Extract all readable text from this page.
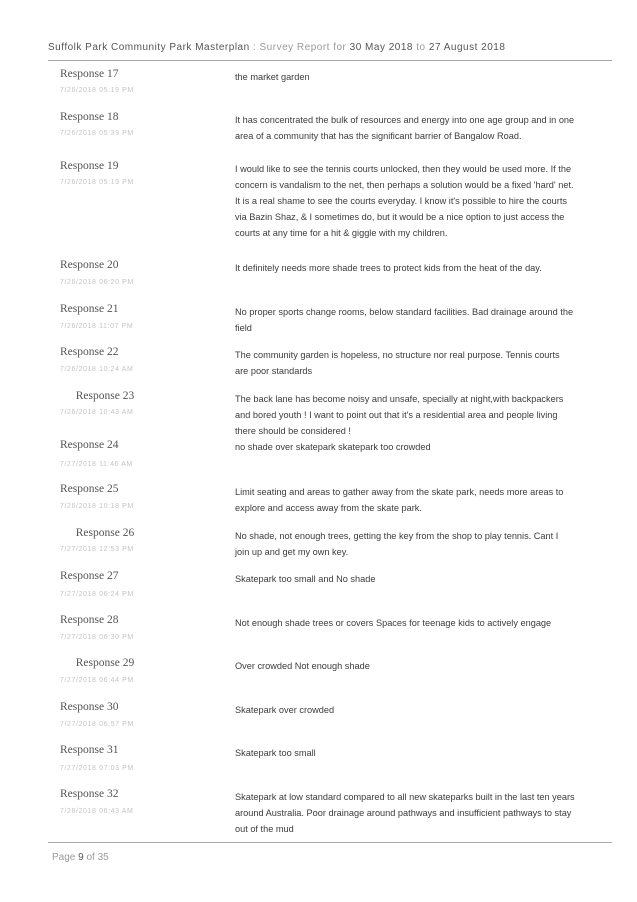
Suffolk Park Community Park Masterplan : Survey Report for 30 May 2018 to 27 August 2018
Response 17
7/26/2018 05:19 PM
the market garden
Response 18
7/26/2018 05:39 PM
It has concentrated the bulk of resources and energy into one age group and in one area of a community that has the significant barrier of Bangalow Road.
Response 19
7/26/2018 05:19 PM
I would like to see the tennis courts unlocked, then they would be used more. If the concern is vandalism to the net, then perhaps a solution would be a fixed 'hard' net. It is a real shame to see the courts everyday. I know it's possible to hire the courts via Bazin Shaz, & I sometimes do, but it would be a nice option to just access the courts at any time for a hit & giggle with my children.
Response 20
7/26/2018 06:20 PM
It definitely needs more shade trees to protect kids from the heat of the day.
Response 21
7/26/2018 11:07 PM
No proper sports change rooms, below standard facilities. Bad drainage around the field
Response 22
7/26/2018 10:24 AM
The community garden is hopeless, no structure nor real purpose. Tennis courts are poor standards
Response 23
7/26/2018 10:43 AM
The back lane has become noisy and unsafe, specially at night,with backpackers and bored youth ! I want to point out that it's a residential area and people living there should be considered !
Response 24
7/27/2018 11:46 AM
no shade over skatepark skatepark too crowded
Response 25
7/26/2018 10:18 PM
Limit seating and areas to gather away from the skate park, needs more areas to explore and access away from the skate park.
Response 26
7/27/2018 12:53 PM
No shade, not enough trees, getting the key from the shop to play tennis. Cant I join up and get my own key.
Response 27
7/27/2018 06:24 PM
Skatepark too small and No shade
Response 28
7/27/2018 06:30 PM
Not enough shade trees or covers Spaces for teenage kids to actively engage
Response 29
7/27/2018 06:44 PM
Over crowded Not enough shade
Response 30
7/27/2018 06:57 PM
Skatepark over crowded
Response 31
7/27/2018 07:03 PM
Skatepark too small
Response 32
7/28/2018 06:43 AM
Skatepark at low standard compared to all new skateparks built in the last ten years around Australia. Poor drainage around pathways and insufficient pathways to stay out of the mud
Page 9 of 35
